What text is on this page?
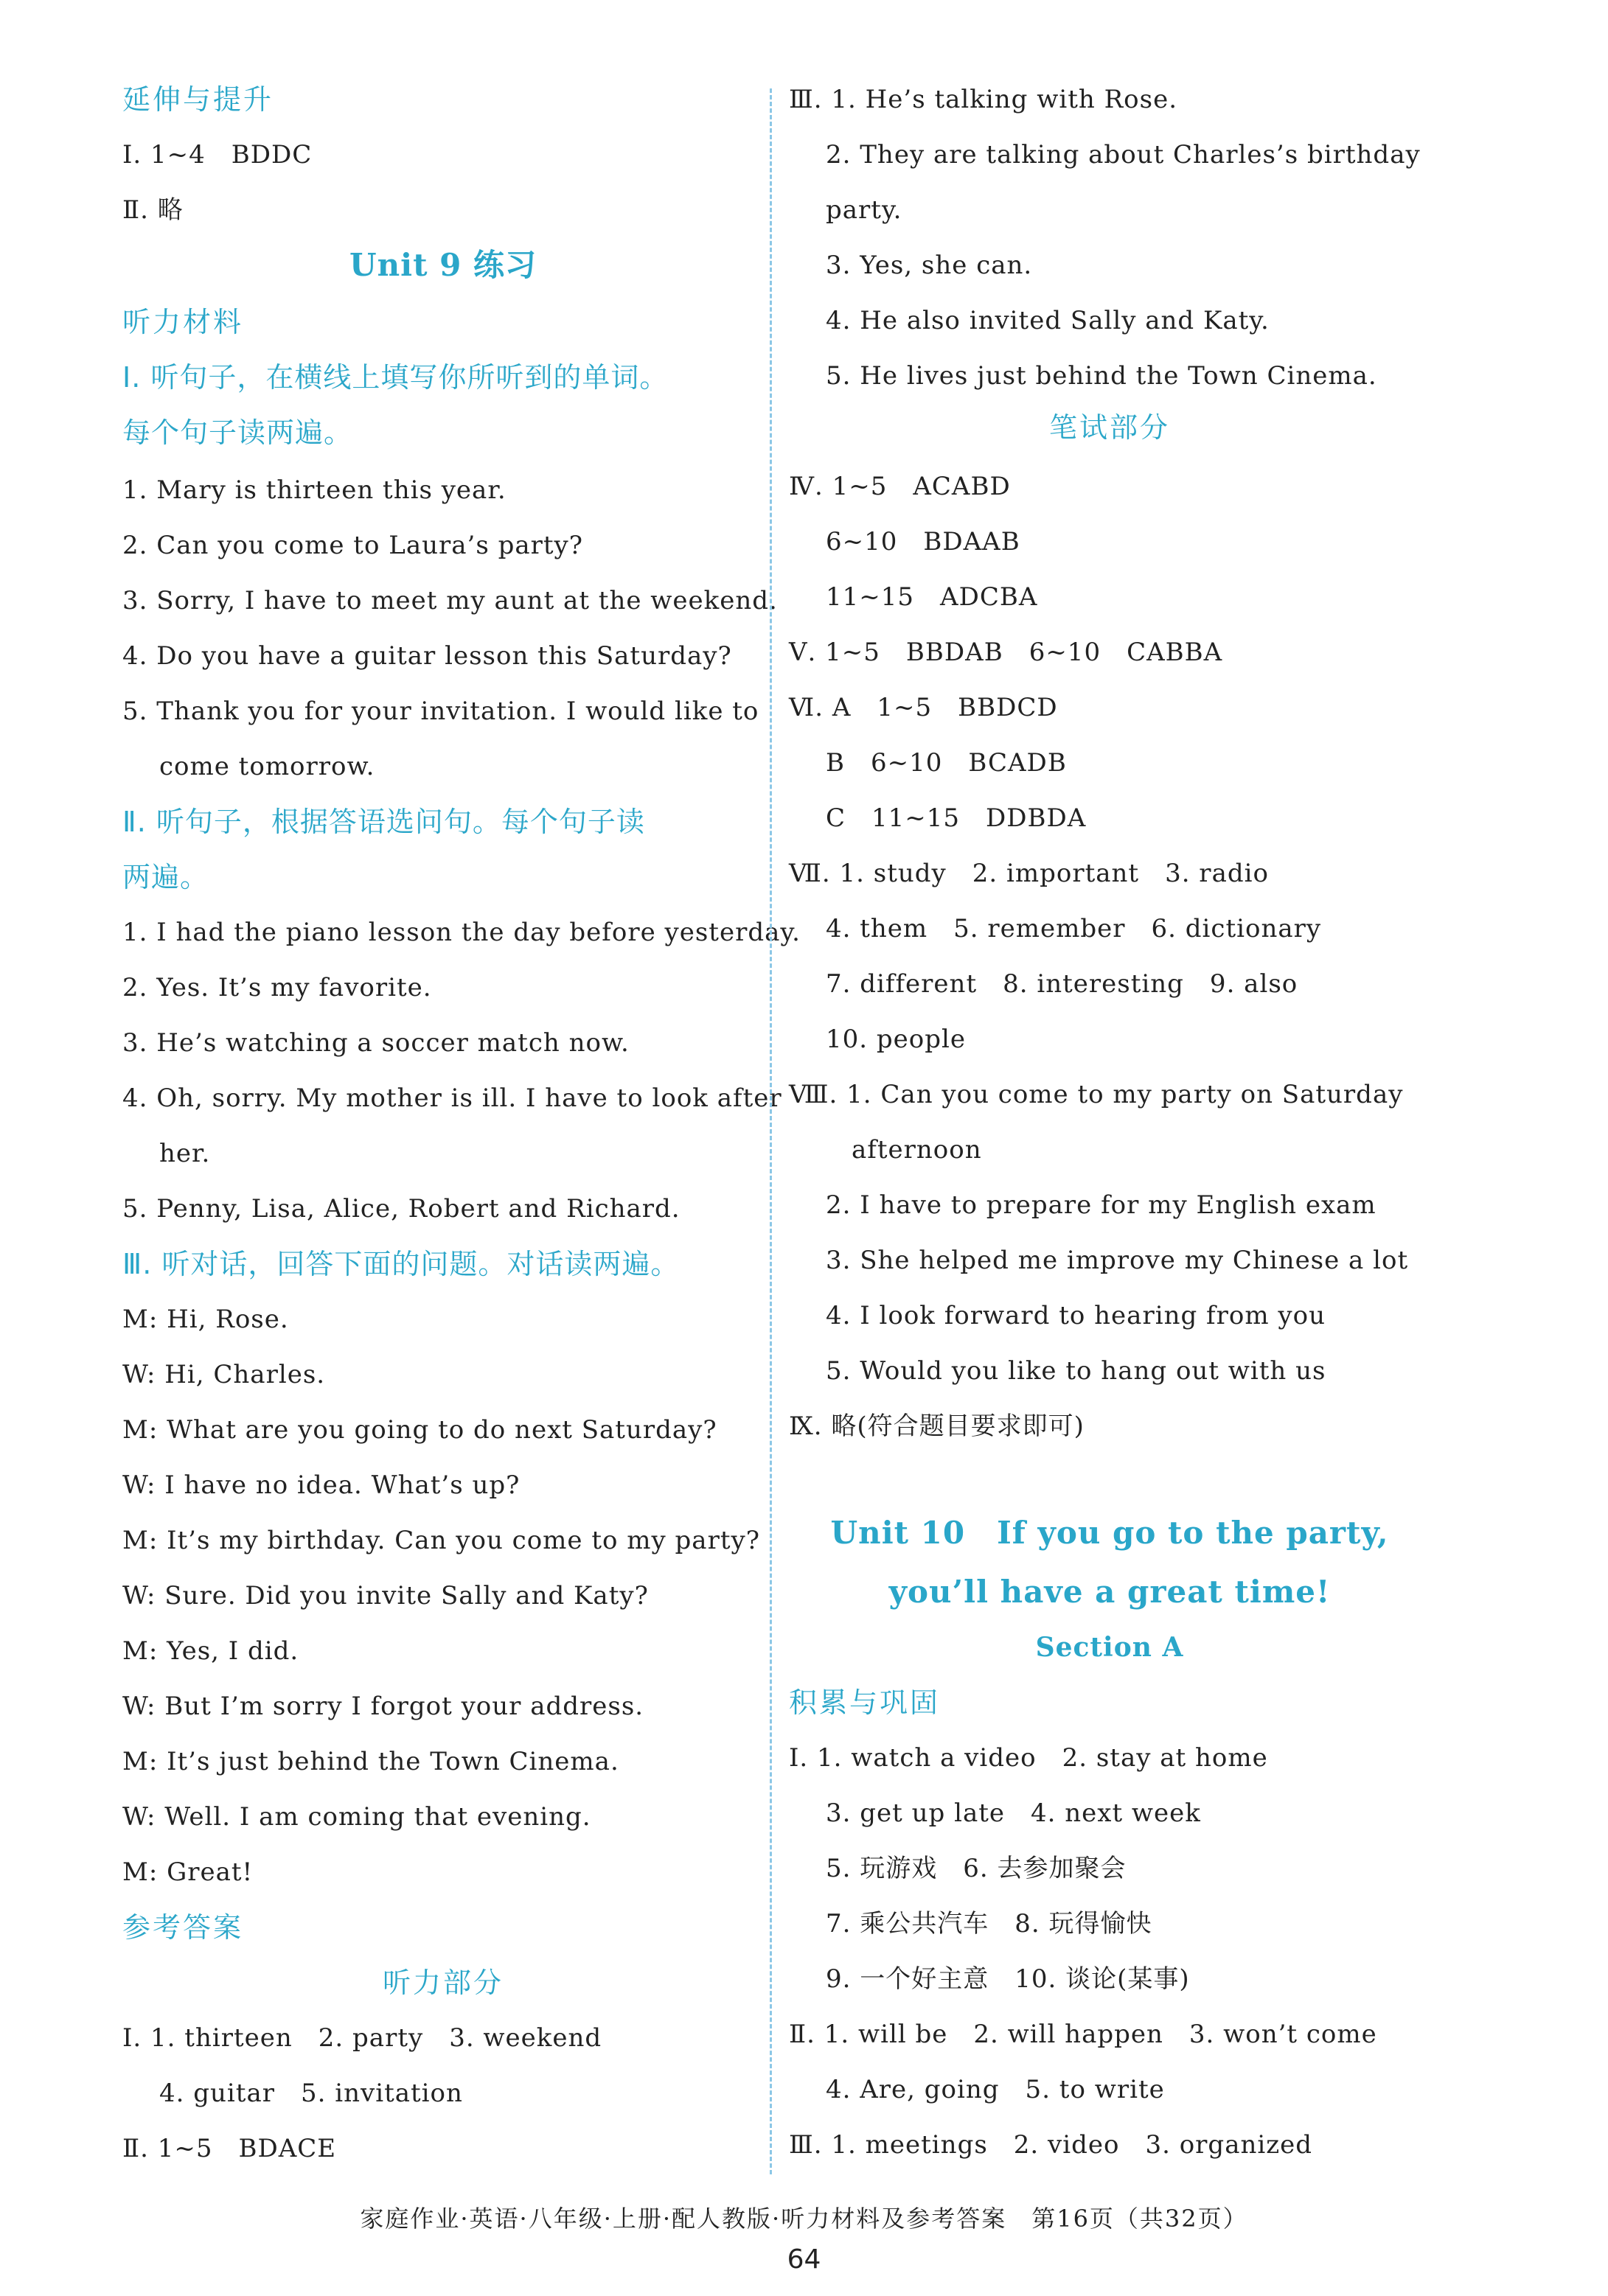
延伸与提升
Ⅰ. 1~4　BDDC
Ⅱ. 略
Unit 9 练习
听力材料
Ⅰ. 听句子，在横线上填写你所听到的单词。
每个句子读两遍。
1. Mary is thirteen this year.
2. Can you come to Laura’s party?
3. Sorry, I have to meet my aunt at the weekend.
4. Do you have a guitar lesson this Saturday?
5. Thank you for your invitation. I would like to
come tomorrow.
Ⅱ. 听句子，根据答语选问句。每个句子读
两遍。
1. I had the piano lesson the day before yesterday.
2. Yes. It’s my favorite.
3. He’s watching a soccer match now.
4. Oh, sorry. My mother is ill. I have to look after
her.
5. Penny, Lisa, Alice, Robert and Richard.
Ⅲ. 听对话，回答下面的问题。对话读两遍。
M: Hi, Rose.
W: Hi, Charles.
M: What are you going to do next Saturday?
W: I have no idea. What’s up?
M: It’s my birthday. Can you come to my party?
W: Sure. Did you invite Sally and Katy?
M: Yes, I did.
W: But I’m sorry I forgot your address.
M: It’s just behind the Town Cinema.
W: Well. I am coming that evening.
M: Great!
参考答案
听力部分
Ⅰ. 1. thirteen　2. party　3. weekend
4. guitar　5. invitation
Ⅱ. 1~5　BDACE
Ⅲ. 1. He’s talking with Rose.
2. They are talking about Charles’s birthday
party.
3. Yes, she can.
4. He also invited Sally and Katy.
5. He lives just behind the Town Cinema.
笔试部分
Ⅳ. 1~5　ACABD
6~10　BDAAB
11~15　ADCBA
Ⅴ. 1~5　BBDAB　6~10　CABBA
Ⅵ. A　1~5　BBDCD
B　6~10　BCADB
C　11~15　DDBDA
Ⅶ. 1. study　2. important　3. radio
4. them　5. remember　6. dictionary
7. different　8. interesting　9. also
10. people
Ⅷ. 1. Can you come to my party on Saturday
　afternoon
2. I have to prepare for my English exam
3. She helped me improve my Chinese a lot
4. I look forward to hearing from you
5. Would you like to hang out with us
Ⅸ. 略(符合题目要求即可)
Unit 10　If you go to the party,
you’ll have a great time!
Section A
积累与巩固
Ⅰ. 1. watch a video　2. stay at home
3. get up late　4. next week
5. 玩游戏　6. 去参加聚会
7. 乘公共汽车　8. 玩得愉快
9. 一个好主意　10. 谈论(某事)
Ⅱ. 1. will be　2. will happen　3. won’t come
4. Are, going　5. to write
Ⅲ. 1. meetings　2. video　3. organized
家庭作业·英语·八年级·上册·配人教版·听力材料及参考答案　第16页（共32页）
64
